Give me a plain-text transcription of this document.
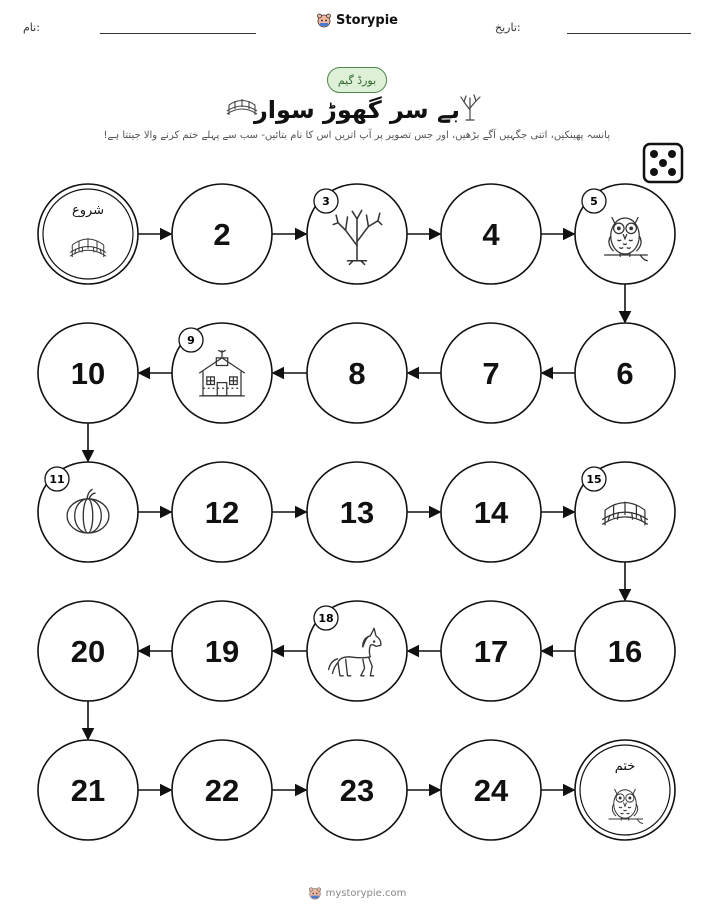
تاریخ:
Storypie
نام:
بورڈ گیم
بے سر گھوڑ سوار
پانسہ پھینکیں، اتنی جگہیں آگے بڑھیں، اور جس تصویر پر آپ اتریں اس کا نام بتائیں- سب سے پہلے ختم کرنے والا جیتتا ہے!
شروع
2
3
4
5
6
7
8
9
10
11
12	13	14
15
16
17
18
19
20
21	22	23	24
ختم
mystorypie.com
